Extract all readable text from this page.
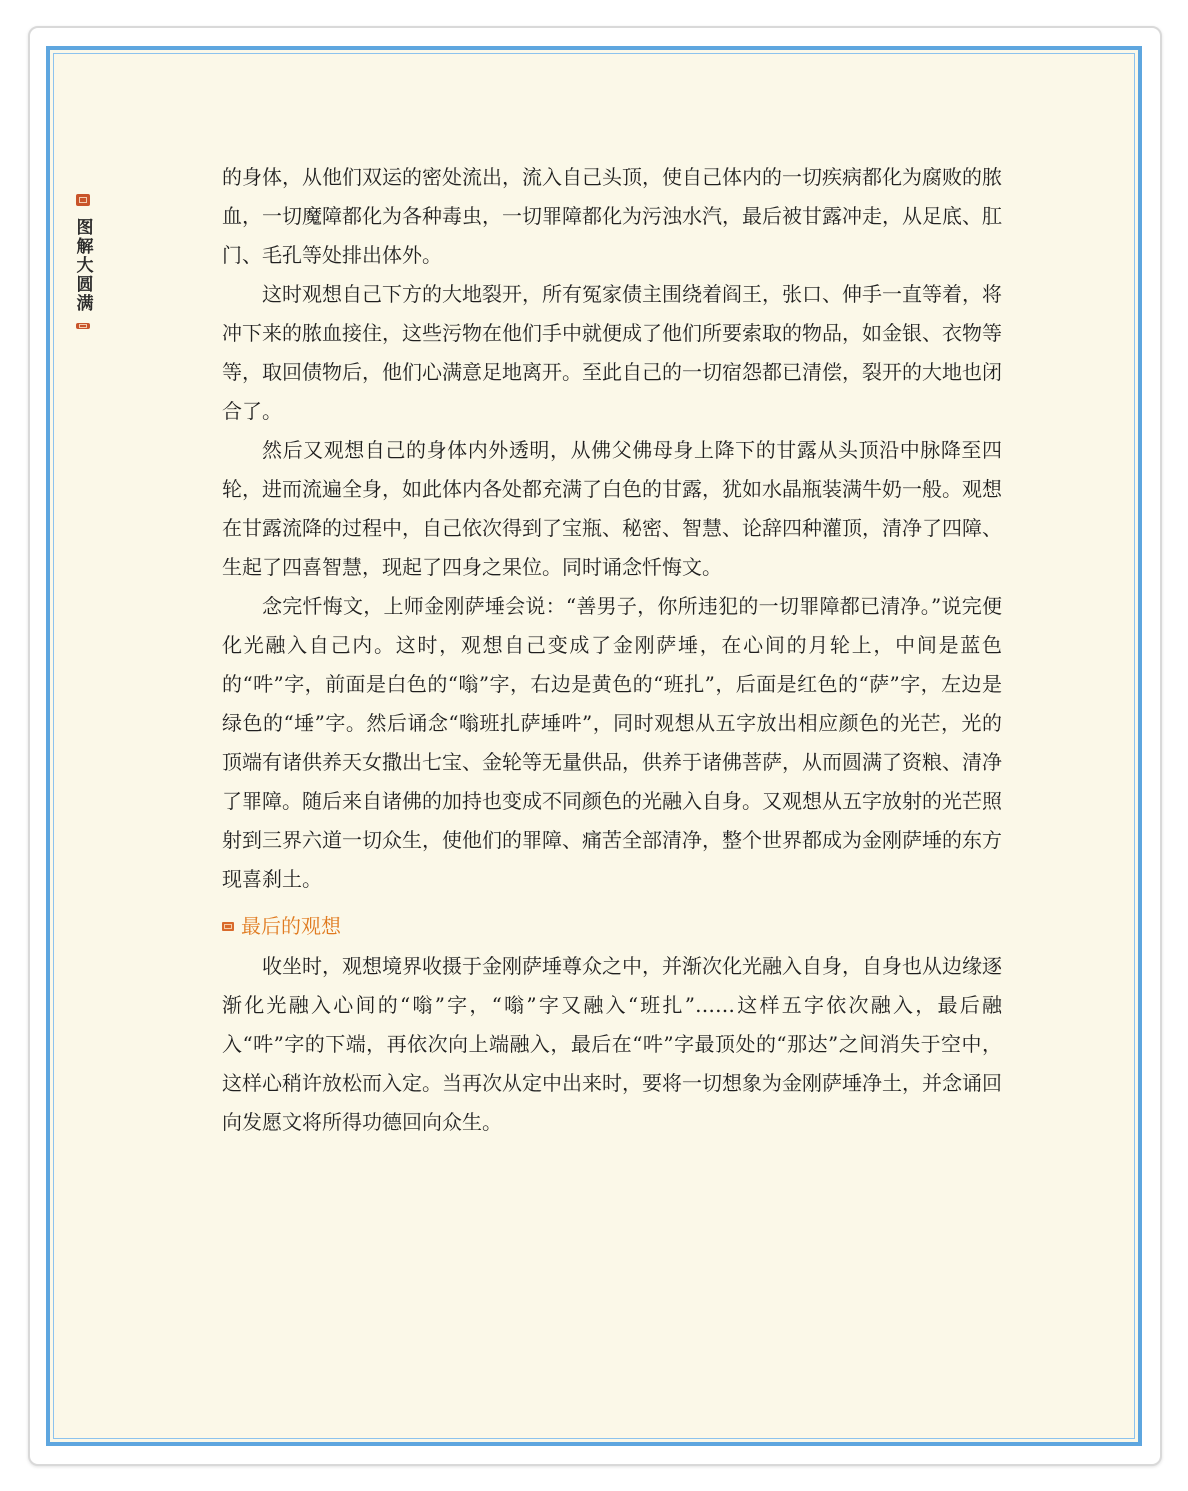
图解大圆满

的身体，从他们双运的密处流出，流入自己头顶，使自己体内的一切疾病都化为腐败的脓血，一切魔障都化为各种毒虫，一切罪障都化为污浊水汽，最后被甘露冲走，从足底、肛门、毛孔等处排出体外。

这时观想自己下方的大地裂开，所有冤家债主围绕着阎王，张口、伸手一直等着，将冲下来的脓血接住，这些污物在他们手中就便成了他们所要索取的物品，如金银、衣物等等，取回债物后，他们心满意足地离开。至此自己的一切宿怨都已清偿，裂开的大地也闭合了。

然后又观想自己的身体内外透明，从佛父佛母身上降下的甘露从头顶沿中脉降至四轮，进而流遍全身，如此体内各处都充满了白色的甘露，犹如水晶瓶装满牛奶一般。观想在甘露流降的过程中，自己依次得到了宝瓶、秘密、智慧、论辞四种灌顶，清净了四障、生起了四喜智慧，现起了四身之果位。同时诵念忏悔文。

念完忏悔文，上师金刚萨埵会说：“善男子，你所违犯的一切罪障都已清净。”说完便化光融入自己内。这时，观想自己变成了金刚萨埵，在心间的月轮上，中间是蓝色的“吽”字，前面是白色的“嗡”字，右边是黄色的“班扎”，后面是红色的“萨”字，左边是绿色的“埵”字。然后诵念“嗡班扎萨埵吽”，同时观想从五字放出相应颜色的光芒，光的顶端有诸供养天女撒出七宝、金轮等无量供品，供养于诸佛菩萨，从而圆满了资粮、清净了罪障。随后来自诸佛的加持也变成不同颜色的光融入自身。又观想从五字放射的光芒照射到三界六道一切众生，使他们的罪障、痛苦全部清净，整个世界都成为金刚萨埵的东方现喜刹土。

最后的观想

收坐时，观想境界收摄于金刚萨埵尊众之中，并渐次化光融入自身，自身也从边缘逐渐化光融入心间的“嗡”字，“嗡”字又融入“班扎”……这样五字依次融入，最后融入“吽”字的下端，再依次向上端融入，最后在“吽”字最顶处的“那达”之间消失于空中，这样心稍许放松而入定。当再次从定中出来时，要将一切想象为金刚萨埵净土，并念诵回向发愿文将所得功德回向众生。
